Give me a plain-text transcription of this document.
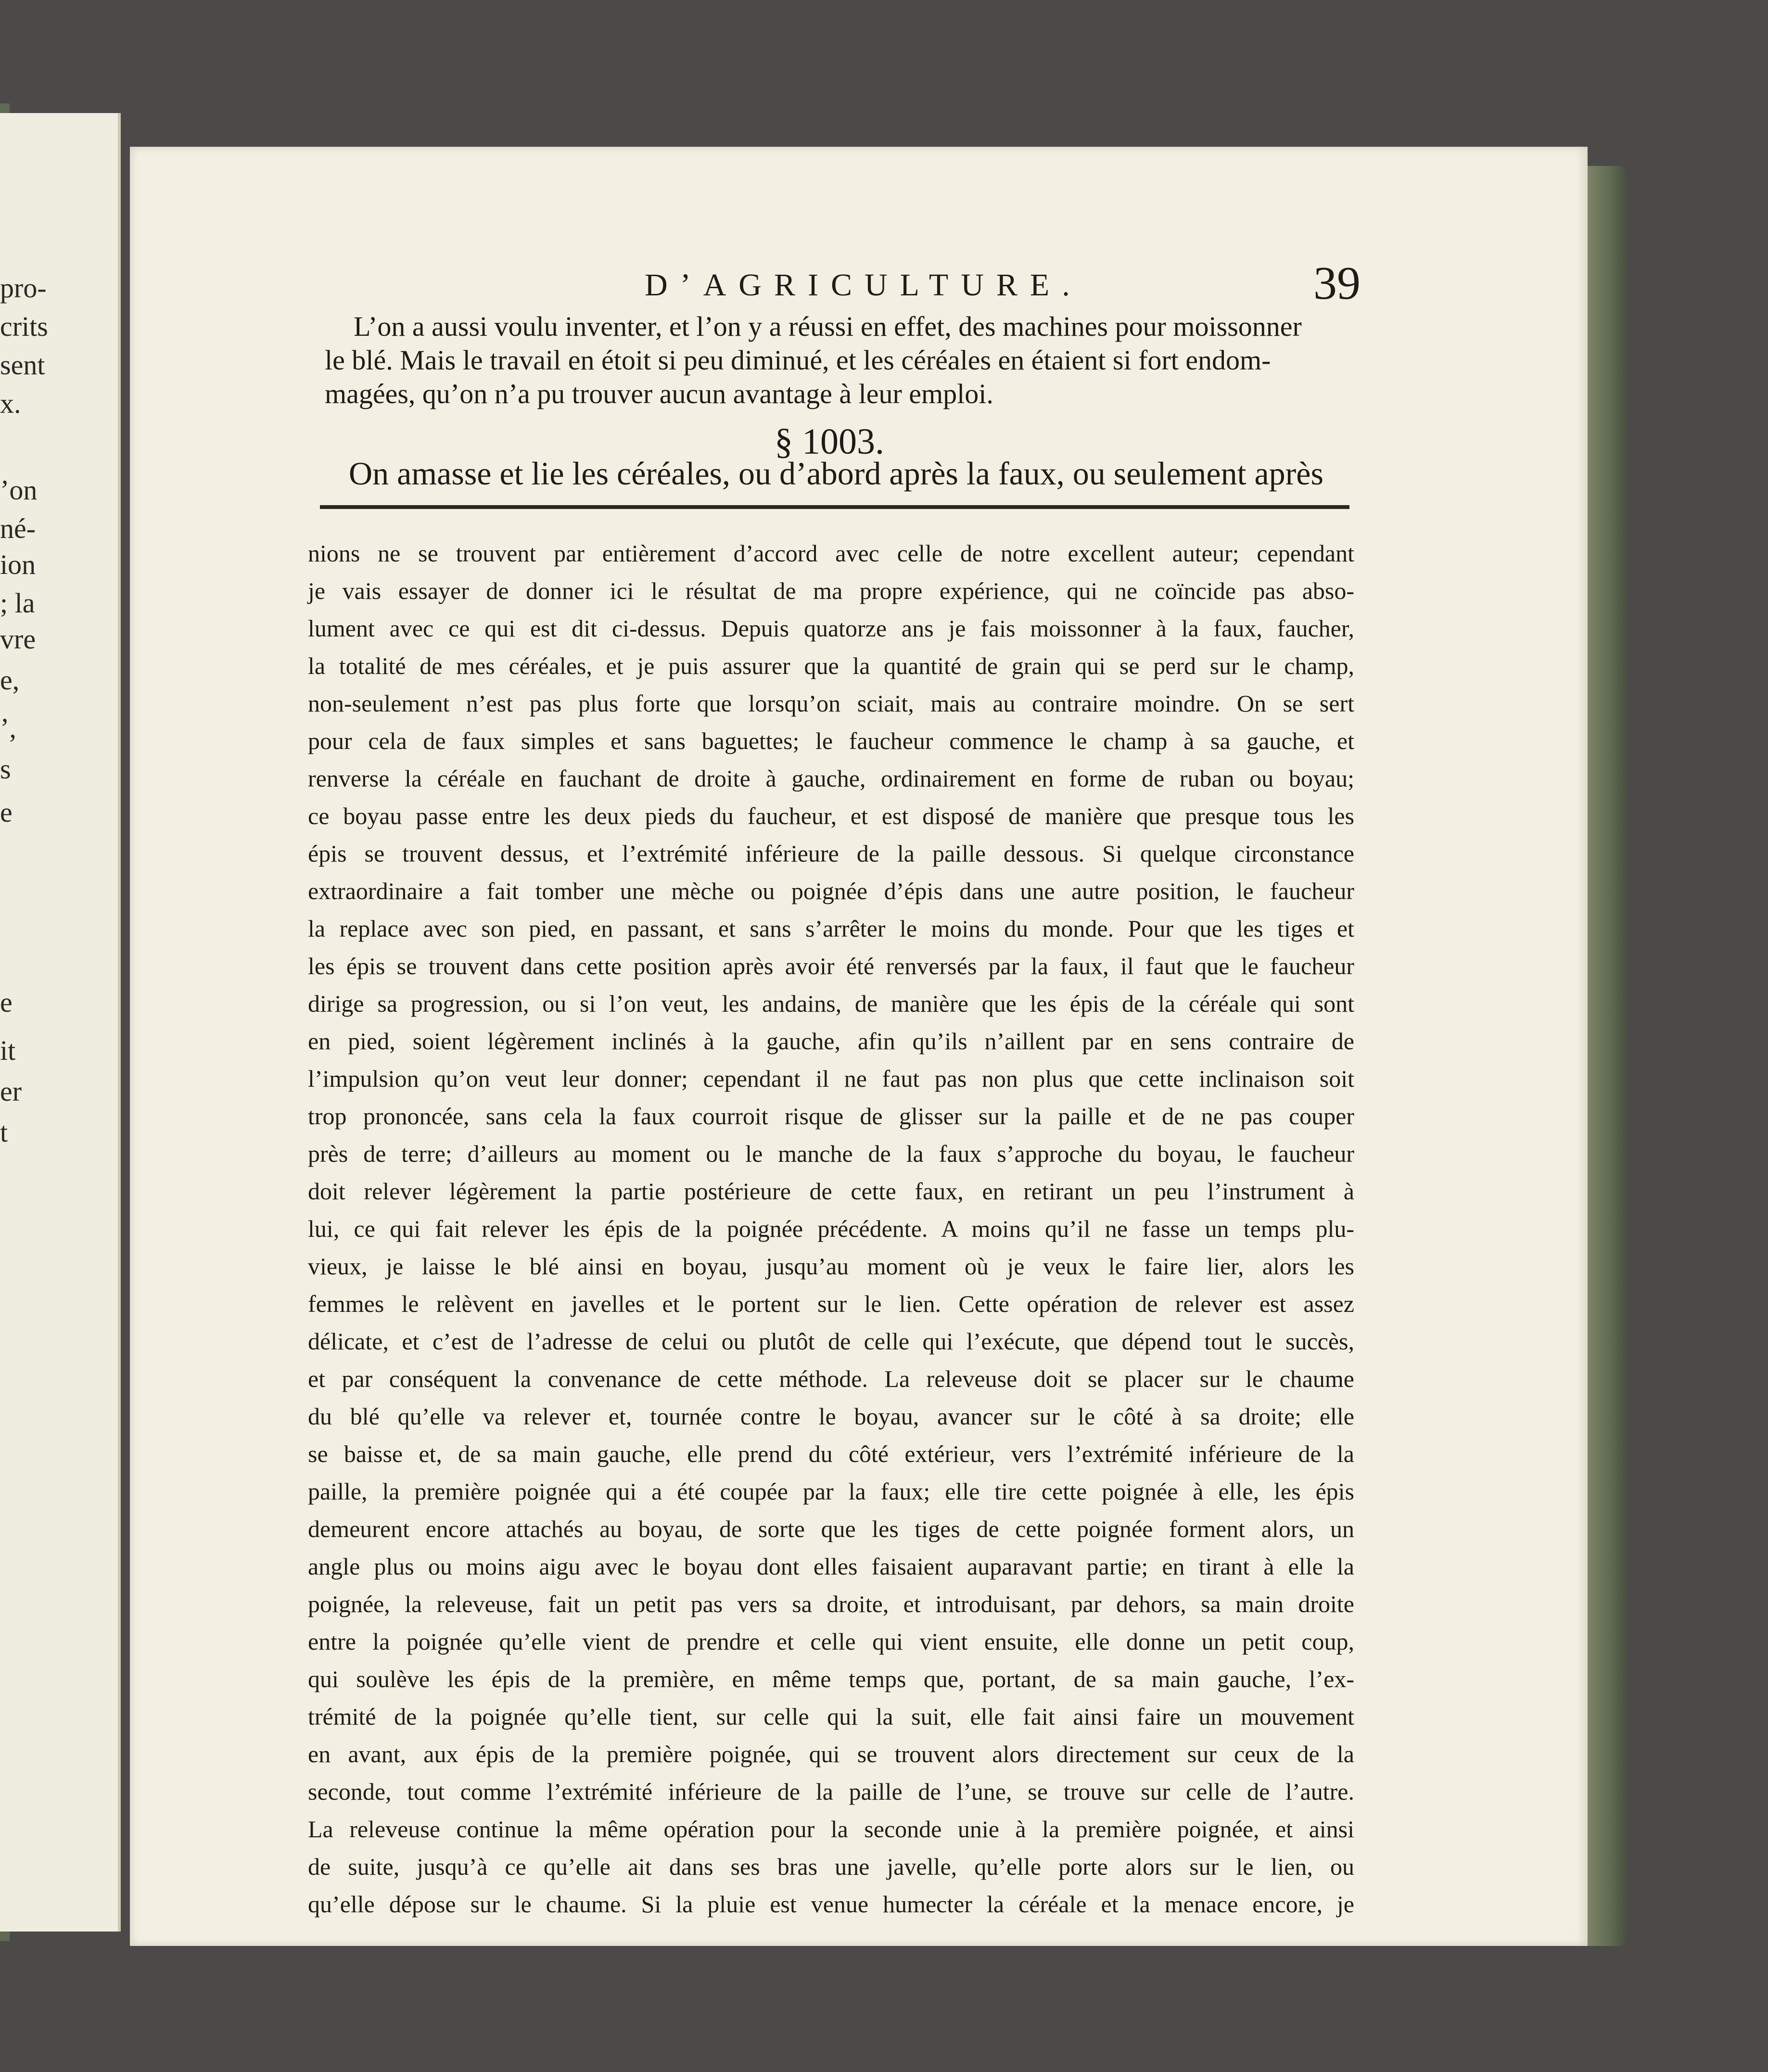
pro-
crits
sent
x.
’on
né-
ion
; la
vre
e,
’,
s
e
e
it
er
t
D’AGRICULTURE.	39
L’on a aussi voulu inventer, et l’on y a réussi en effet, des machines pour moissonner
le blé. Mais le travail en étoit si peu diminué, et les céréales en étaient si fort endom-
magées, qu’on n’a pu trouver aucun avantage à leur emploi.
§ 1003.
On amasse et lie les céréales, ou d’abord après la faux, ou seulement après
nions ne se trouvent par entièrement d’accord avec celle de notre excellent auteur; cependant
je vais essayer de donner ici le résultat de ma propre expérience, qui ne coïncide pas abso-
lument avec ce qui est dit ci-dessus. Depuis quatorze ans je fais moissonner à la faux, faucher,
la totalité de mes céréales, et je puis assurer que la quantité de grain qui se perd sur le champ,
non-seulement n’est pas plus forte que lorsqu’on sciait, mais au contraire moindre. On se sert
pour cela de faux simples et sans baguettes; le faucheur commence le champ à sa gauche, et
renverse la céréale en fauchant de droite à gauche, ordinairement en forme de ruban ou boyau;
ce boyau passe entre les deux pieds du faucheur, et est disposé de manière que presque tous les
épis se trouvent dessus, et l’extrémité inférieure de la paille dessous. Si quelque circonstance
extraordinaire a fait tomber une mèche ou poignée d’épis dans une autre position, le faucheur
la replace avec son pied, en passant, et sans s’arrêter le moins du monde. Pour que les tiges et
les épis se trouvent dans cette position après avoir été renversés par la faux, il faut que le faucheur
dirige sa progression, ou si l’on veut, les andains, de manière que les épis de la céréale qui sont
en pied, soient légèrement inclinés à la gauche, afin qu’ils n’aillent par en sens contraire de
l’impulsion qu’on veut leur donner; cependant il ne faut pas non plus que cette inclinaison soit
trop prononcée, sans cela la faux courroit risque de glisser sur la paille et de ne pas couper
près de terre; d’ailleurs au moment ou le manche de la faux s’approche du boyau, le faucheur
doit relever légèrement la partie postérieure de cette faux, en retirant un peu l’instrument à
lui, ce qui fait relever les épis de la poignée précédente. A moins qu’il ne fasse un temps plu-
vieux, je laisse le blé ainsi en boyau, jusqu’au moment où je veux le faire lier, alors les
femmes le relèvent en javelles et le portent sur le lien. Cette opération de relever est assez
délicate, et c’est de l’adresse de celui ou plutôt de celle qui l’exécute, que dépend tout le succès,
et par conséquent la convenance de cette méthode. La releveuse doit se placer sur le chaume
du blé qu’elle va relever et, tournée contre le boyau, avancer sur le côté à sa droite; elle
se baisse et, de sa main gauche, elle prend du côté extérieur, vers l’extrémité inférieure de la
paille, la première poignée qui a été coupée par la faux; elle tire cette poignée à elle, les épis
demeurent encore attachés au boyau, de sorte que les tiges de cette poignée forment alors, un
angle plus ou moins aigu avec le boyau dont elles faisaient auparavant partie; en tirant à elle la
poignée, la releveuse, fait un petit pas vers sa droite, et introduisant, par dehors, sa main droite
entre la poignée qu’elle vient de prendre et celle qui vient ensuite, elle donne un petit coup,
qui soulève les épis de la première, en même temps que, portant, de sa main gauche, l’ex-
trémité de la poignée qu’elle tient, sur celle qui la suit, elle fait ainsi faire un mouvement
en avant, aux épis de la première poignée, qui se trouvent alors directement sur ceux de la
seconde, tout comme l’extrémité inférieure de la paille de l’une, se trouve sur celle de l’autre.
La releveuse continue la même opération pour la seconde unie à la première poignée, et ainsi
de suite, jusqu’à ce qu’elle ait dans ses bras une javelle, qu’elle porte alors sur le lien, ou
qu’elle dépose sur le chaume. Si la pluie est venue humecter la céréale et la menace encore, je
